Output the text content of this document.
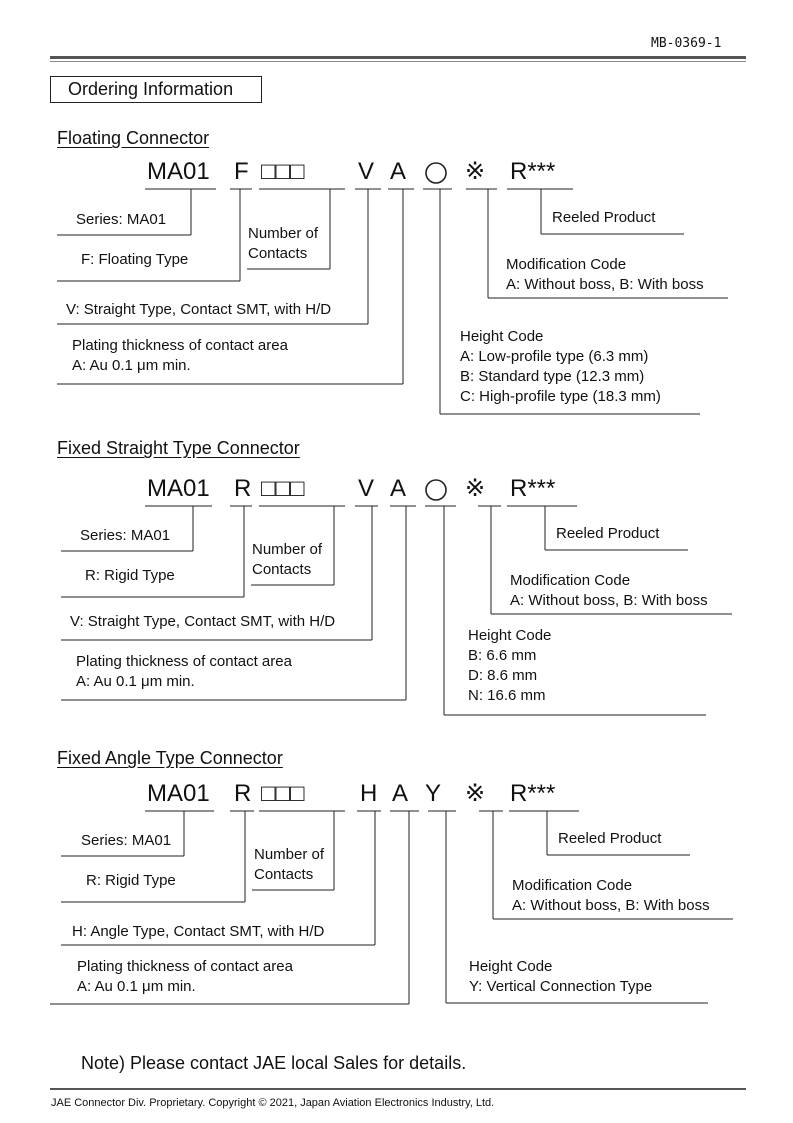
MB-0369-1
Ordering Information
Floating Connector
MA01 F □□□ V A ※ R***
Series: MA01
F: Floating Type
Number of
Contacts
V: Straight Type, Contact SMT, with H/D
Plating thickness of contact area
A: Au 0.1 μm min.
Reeled Product
Modification Code
A: Without boss, B: With boss
Height Code
A: Low-profile type (6.3 mm)
B: Standard type (12.3 mm)
C: High-profile type (18.3 mm)
Fixed Straight Type Connector
MA01 R □□□ V A ※ R***
Series: MA01
R: Rigid Type
Number of
Contacts
V: Straight Type, Contact SMT, with H/D
Plating thickness of contact area
A: Au 0.1 μm min.
Reeled Product
Modification Code
A: Without boss, B: With boss
Height Code
B: 6.6 mm
D: 8.6 mm
N: 16.6 mm
Fixed Angle Type Connector
MA01 R □□□ H A Y ※ R***
Series: MA01
R: Rigid Type
Number of
Contacts
H: Angle Type, Contact SMT, with H/D
Plating thickness of contact area
A: Au 0.1 μm min.
Reeled Product
Modification Code
A: Without boss, B: With boss
Height Code
Y: Vertical Connection Type
Note) Please contact JAE local Sales for details.
JAE Connector Div. Proprietary. Copyright © 2021, Japan Aviation Electronics Industry, Ltd.
